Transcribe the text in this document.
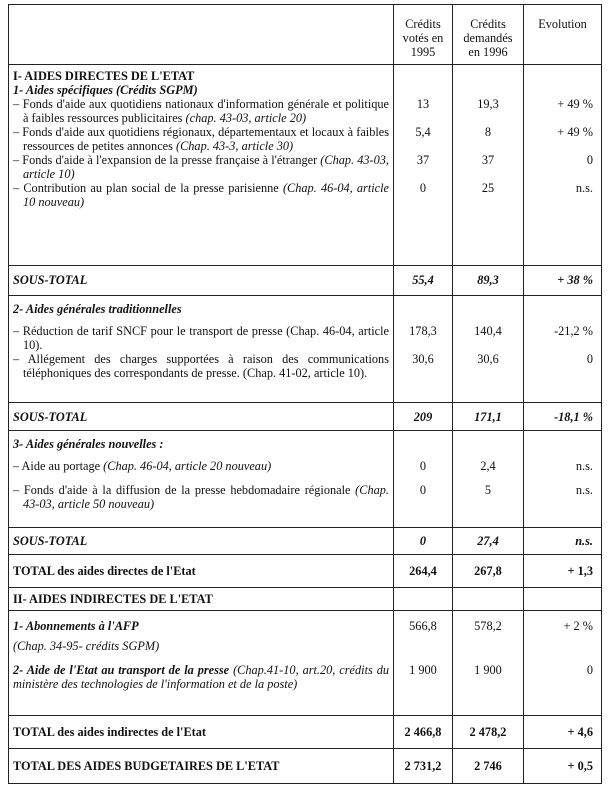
	Crédits votés en 1995	Crédits demandés en 1996	Evolution
I- AIDES DIRECTES DE L'ETAT			
1- Aides spécifiques (Crédits SGPM)			
– Fonds d'aide aux quotidiens nationaux d'information générale et politique à faibles ressources publicitaires (chap. 43-03, article 20)	13	19,3	+ 49 %
– Fonds d'aide aux quotidiens régionaux, départementaux et locaux à faibles ressources de petites annonces (Chap. 43-3, article 30)	5,4	8	+ 49 %
– Fonds d'aide à l'expansion de la presse française à l'étranger (Chap. 43-03, article 10)	37	37	0
– Contribution au plan social de la presse parisienne (Chap. 46-04, article 10 nouveau)	0	25	n.s.

SOUS-TOTAL	55,4	89,3	+ 38 %
2- Aides générales traditionnelles			
– Réduction de tarif SNCF pour le transport de presse (Chap. 46-04, article 10).	178,3	140,4	-21,2 %
– Allégement des charges supportées à raison des communications téléphoniques des correspondants de presse. (Chap. 41-02, article 10).	30,6	30,6	0

SOUS-TOTAL	209	171,1	-18,1 %
3- Aides générales nouvelles :			
– Aide au portage (Chap. 46-04, article 20 nouveau)	0	2,4	n.s.
– Fonds d'aide à la diffusion de la presse hebdomadaire régionale (Chap. 43-03, article 50 nouveau)	0	5	n.s.

SOUS-TOTAL	0	27,4	n.s.
TOTAL des aides directes de l'Etat	264,4	267,8	+ 1,3
II- AIDES INDIRECTES DE L'ETAT			
1- Abonnements à l'AFP	566,8	578,2	+ 2 %
(Chap. 34-95- crédits SGPM)			
2- Aide de l'Etat au transport de la presse (Chap.41-10, art.20, crédits du ministère des technologies de l'information et de la poste)	1 900	1 900	0

TOTAL des aides indirectes de l'Etat	2 466,8	2 478,2	+ 4,6
TOTAL DES AIDES BUDGETAIRES DE L'ETAT	2 731,2	2 746	+ 0,5
